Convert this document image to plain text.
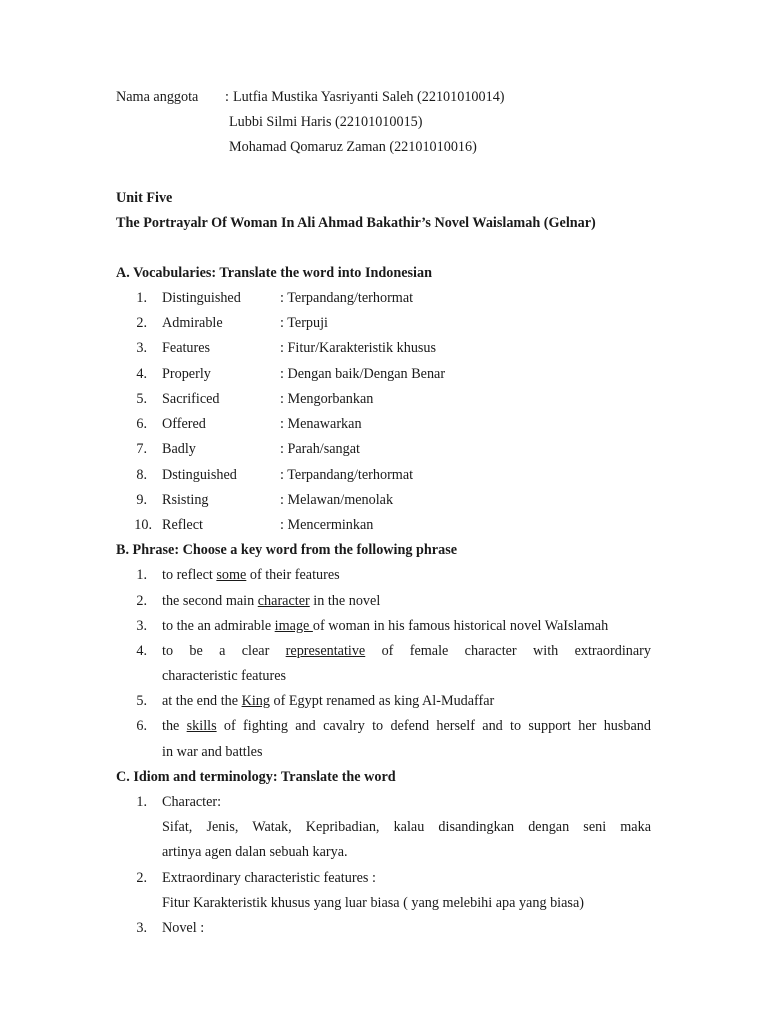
Nama anggota : Lutfia Mustika Yasriyanti Saleh (22101010014)
Lubbi Silmi Haris (22101010015)
Mohamad Qomaruz Zaman (22101010016)
Unit Five
The Portrayalr Of Woman In Ali Ahmad Bakathir’s Novel Waislamah (Gelnar)
A. Vocabularies: Translate the word into Indonesian
1. Distinguished	: Terpandang/terhormat
2. Admirable	: Terpuji
3. Features	: Fitur/Karakteristik khusus
4. Properly	: Dengan baik/Dengan Benar
5. Sacrificed	: Mengorbankan
6. Offered	: Menawarkan
7. Badly	: Parah/sangat
8. Dstinguished	: Terpandang/terhormat
9. Rsisting	: Melawan/menolak
10. Reflect	: Mencerminkan
B. Phrase: Choose a key word from the following phrase
1. to reflect some of their features
2. the second main character in the novel
3. to the an admirable image of woman in his famous historical novel WaIslamah
4. to be a clear representative of female character with extraordinary
characteristic features
5. at the end the King of Egypt renamed as king Al-Mudaffar
6. the skills of fighting and cavalry to defend herself and to support her husband
in war and battles
C. Idiom and terminology: Translate the word
1. Character:
Sifat, Jenis, Watak, Kepribadian, kalau disandingkan dengan seni maka
artinya agen dalan sebuah karya.
2. Extraordinary characteristic features :
Fitur Karakteristik khusus yang luar biasa ( yang melebihi apa yang biasa)
3. Novel :
